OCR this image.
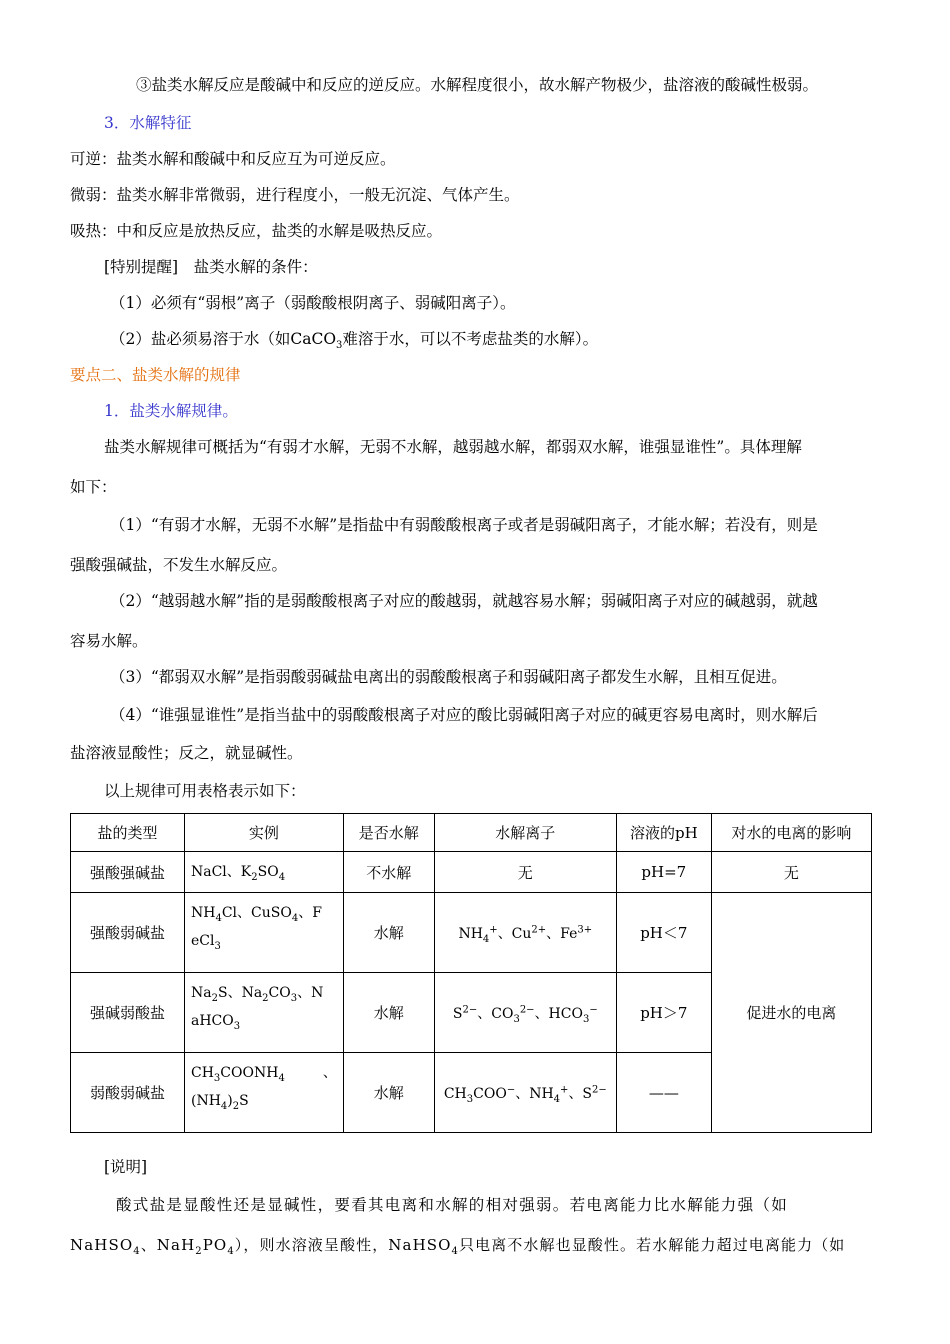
③盐类水解反应是酸碱中和反应的逆反应。水解程度很小，故水解产物极少，盐溶液的酸碱性极弱。
3．水解特征
可逆：盐类水解和酸碱中和反应互为可逆反应。
微弱：盐类水解非常微弱，进行程度小，一般无沉淀、气体产生。
吸热：中和反应是放热反应，盐类的水解是吸热反应。
[特别提醒]　盐类水解的条件：
（1）必须有“弱根”离子（弱酸酸根阴离子、弱碱阳离子）。
（2）盐必须易溶于水（如CaCO$_3$难溶于水，可以不考虑盐类的水解）。
要点二、盐类水解的规律
1．盐类水解规律。
盐类水解规律可概括为“有弱才水解，无弱不水解，越弱越水解，都弱双水解，谁强显谁性”。具体理解
如下：
（1）“有弱才水解，无弱不水解”是指盐中有弱酸酸根离子或者是弱碱阳离子，才能水解；若没有，则是
强酸强碱盐，不发生水解反应。
（2）“越弱越水解”指的是弱酸酸根离子对应的酸越弱，就越容易水解；弱碱阳离子对应的碱越弱，就越
容易水解。
（3）“都弱双水解”是指弱酸弱碱盐电离出的弱酸酸根离子和弱碱阳离子都发生水解，且相互促进。
（4）“谁强显谁性”是指当盐中的弱酸酸根离子对应的酸比弱碱阳离子对应的碱更容易电离时，则水解后
盐溶液显酸性；反之，就显碱性。
以上规律可用表格表示如下：
盐的类型	实例	是否水解	水解离子	溶液的pH	对水的电离的影响
强酸强碱盐	NaCl、$K_2SO_4$	不水解	无	pH=7	无
强酸弱碱盐	$NH_4Cl$、CuSO$_4$、F
eCl$_3$	水解	$NH_4^+$、$Cu^{2+}$、$Fe^{3+}$	pH＜7	促进水的电离
强碱弱酸盐	$Na_2S$、$Na_2CO_3$、N
aHCO$_3$	水解	$S^{2-}$、$CO_3^{2-}$、$HCO_3^-$	pH＞7	
弱酸弱碱盐	$CH_3COONH_4$ 、
$(NH_4)_2S$	水解	$CH_3COO^-$、$NH_4^+$、$S^{2-}$	——	
[说明]
酸式盐是显酸性还是显碱性，要看其电离和水解的相对强弱。若电离能力比水解能力强（如
NaHSO$_4$、$NaH_2PO_4$），则水溶液呈酸性，NaHSO$_4$只电离不水解也显酸性。若水解能力超过电离能力（如
